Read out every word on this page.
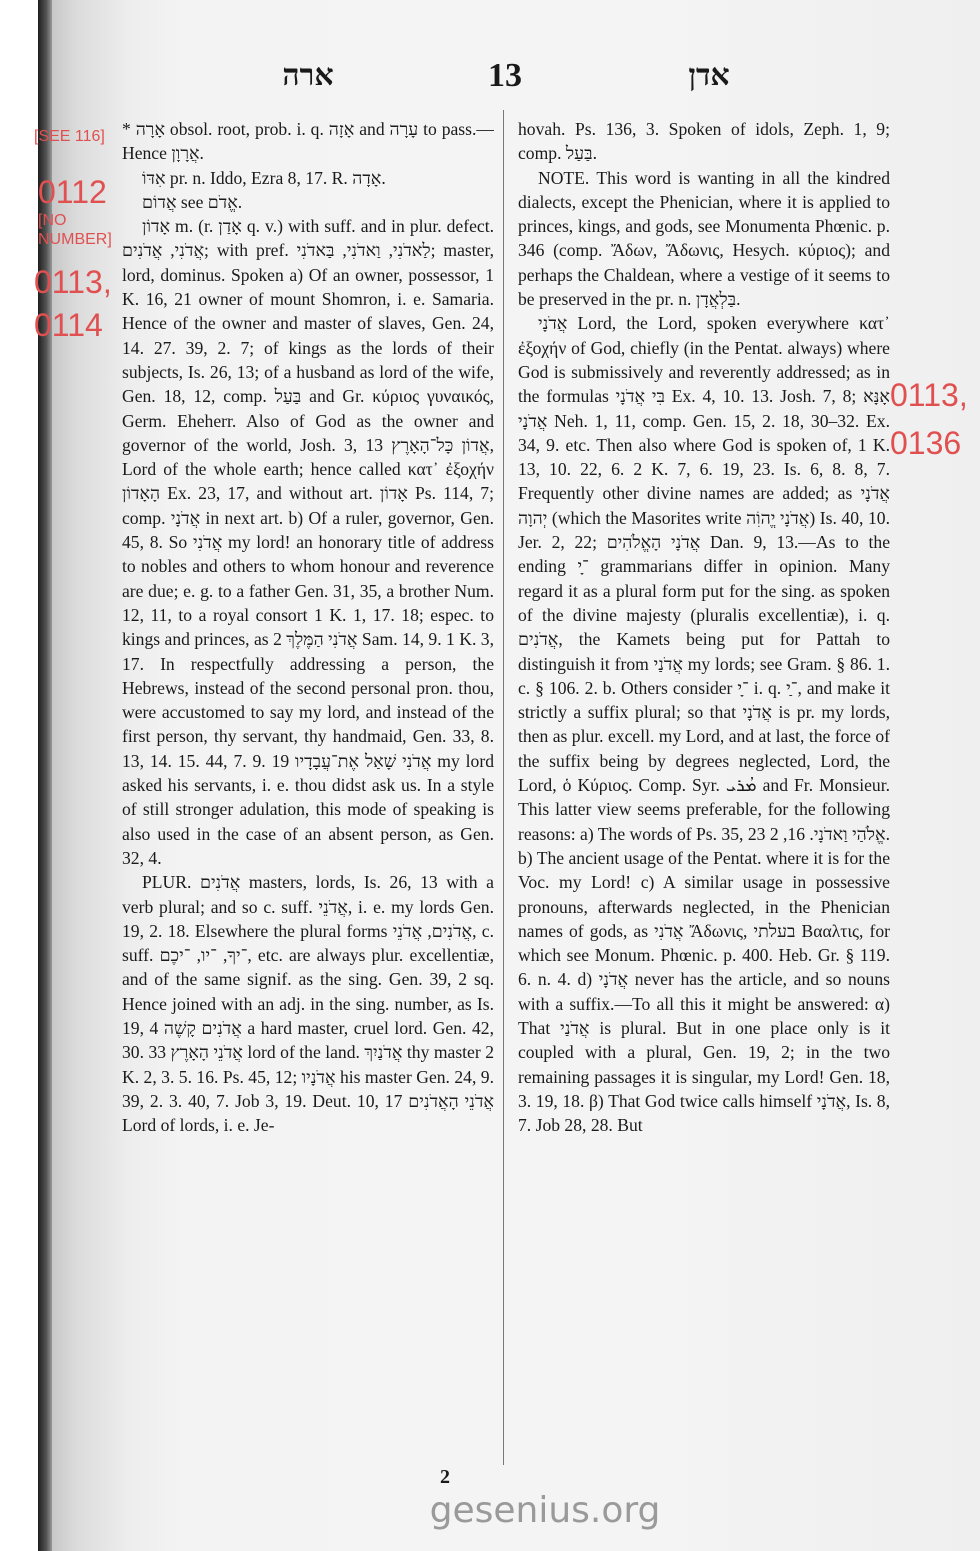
ארה	13	אדן
[SEE 116]
0112
[NO
NUMBER]
0113,
0114
0113,
0136

* אָרָה obsol. root, prob. i. q. אָזָה and עָרָה to pass.—Hence אֲרָוָן.

אִדּוֹ pr. n. Iddo, Ezra 8, 17. R. אָדָה.

אֲדוֹם see אֱדֹם.

אָדוֹן m. (r. אָדַן q. v.) with suff. and in plur. defect. אֲדֹנִי, אֲדֹנִים; with pref. לַאדֹנִי, וַאדֹנִי, בַּאדֹנִי; master, lord, dominus. Spoken a) Of an owner, possessor, 1 K. 16, 21 owner of mount Shomron, i. e. Samaria. Hence of the owner and master of slaves, Gen. 24, 14. 27. 39, 2. 7; of kings as the lords of their subjects, Is. 26, 13; of a husband as lord of the wife, Gen. 18, 12, comp. בַּעַל and Gr. κύριος γυναικός, Germ. Eheherr. Also of God as the owner and governor of the world, Josh. 3, 13 אֲדוֹן כָּל־הָאָרֶץ, Lord of the whole earth; hence called κατ᾽ ἐξοχήν הָאָדוֹן Ex. 23, 17, and without art. אָדוֹן Ps. 114, 7; comp. אֲדֹנָי in next art. b) Of a ruler, governor, Gen. 45, 8. So אֲדֹנִי my lord! an honorary title of address to nobles and others to whom honour and reverence are due; e. g. to a father Gen. 31, 35, a brother Num. 12, 11, to a royal consort 1 K. 1, 17. 18; espec. to kings and princes, as אֲדֹנִי הַמֶּלֶךְ 2 Sam. 14, 9. 1 K. 3, 17. In respectfully addressing a person, the Hebrews, instead of the second personal pron. thou, were accustomed to say my lord, and instead of the first person, thy servant, thy handmaid, Gen. 33, 8. 13, 14. 15. 44, 7. 9. 19 אֲדֹנִי שָׁאַל אֶת־עֲבָדָיו my lord asked his servants, i. e. thou didst ask us. In a style of still stronger adulation, this mode of speaking is also used in the case of an absent person, as Gen. 32, 4.

PLUR. אֲדֹנִים masters, lords, Is. 26, 13 with a verb plural; and so c. suff. אֲדֹנֵי, i. e. my lords Gen. 19, 2. 18. Elsewhere the plural forms אֲדֹנִים, אֲדֹנֵי, c. suff. ־יךָ, ־יו, ־יכֶם, etc. are always plur. excellentiæ, and of the same signif. as the sing. Gen. 39, 2 sq. Hence joined with an adj. in the sing. number, as Is. 19, 4 אֲדֹנִים קָשֶׁה a hard master, cruel lord. Gen. 42, 30. 33 אֲדֹנֵי הָאָרֶץ lord of the land. אֲדֹנַיִךְ thy master 2 K. 2, 3. 5. 16. Ps. 45, 12; אֲדֹנָיו his master Gen. 24, 9. 39, 2. 3. 40, 7. Job 3, 19. Deut. 10, 17 אֲדֹנֵי הָאֲדֹנִים Lord of lords, i. e. Je-

hovah. Ps. 136, 3. Spoken of idols, Zeph. 1, 9; comp. בַּעַל.

NOTE. This word is wanting in all the kindred dialects, except the Phenician, where it is applied to princes, kings, and gods, see Monumenta Phœnic. p. 346 (comp. Ἄδων, Ἄδωνις, Hesych. κύριος); and perhaps the Chaldean, where a vestige of it seems to be preserved in the pr. n. בַּלְאֲדָן.

אֲדֹנָי Lord, the Lord, spoken everywhere κατ᾽ ἐξοχήν of God, chiefly (in the Pentat. always) where God is submissively and reverently addressed; as in the formulas בִּי אֲדֹנָי Ex. 4, 10. 13. Josh. 7, 8; אָנָּא אֲדֹנָי Neh. 1, 11, comp. Gen. 15, 2. 18, 30–32. Ex. 34, 9. etc. Then also where God is spoken of, 1 K. 13, 10. 22, 6. 2 K. 7, 6. 19, 23. Is. 6, 8. 8, 7. Frequently other divine names are added; as אֲדֹנָי יְהוָה (which the Masorites write אֲדֹנָי יֱהוִֹה) Is. 40, 10. Jer. 2, 22; אֲדֹנָי הָאֱלֹהִים Dan. 9, 13.—As to the ending ־ָי grammarians differ in opinion. Many regard it as a plural form put for the sing. as spoken of the divine majesty (pluralis excellentiæ), i. q. אֲדֹנִים, the Kamets being put for Pattah to distinguish it from אֲדֹנַי my lords; see Gram. § 86. 1. c. § 106. 2. b. Others consider ־ָי i. q. ־ַי, and make it strictly a suffix plural; so that אֲדֹנָי is pr. my lords, then as plur. excell. my Lord, and at last, the force of the suffix being by degrees neglected, Lord, the Lord, ὁ Κύριος. Comp. Syr. ܡܳܪܝ and Fr. Monsieur. This latter view seems preferable, for the following reasons: a) The words of Ps. 35, 23 אֱלֹהַי וַאדֹנָי. 16, 2. b) The ancient usage of the Pentat. where it is for the Voc. my Lord! c) A similar usage in possessive pronouns, afterwards neglected, in the Phenician names of gods, as אֲדֹנִי Ἄδωνις, בעלתי Βααλτις, for which see Monum. Phœnic. p. 400. Heb. Gr. § 119. 6. n. 4. d) אֲדֹנָי never has the article, and so nouns with a suffix.—To all this it might be answered: α) That אֲדֹנַי is plural. But in one place only is it coupled with a plural, Gen. 19, 2; in the two remaining passages it is singular, my Lord! Gen. 18, 3. 19, 18. β) That God twice calls himself אֲדֹנָי, Is. 8, 7. Job 28, 28. But

2
gesenius.org
